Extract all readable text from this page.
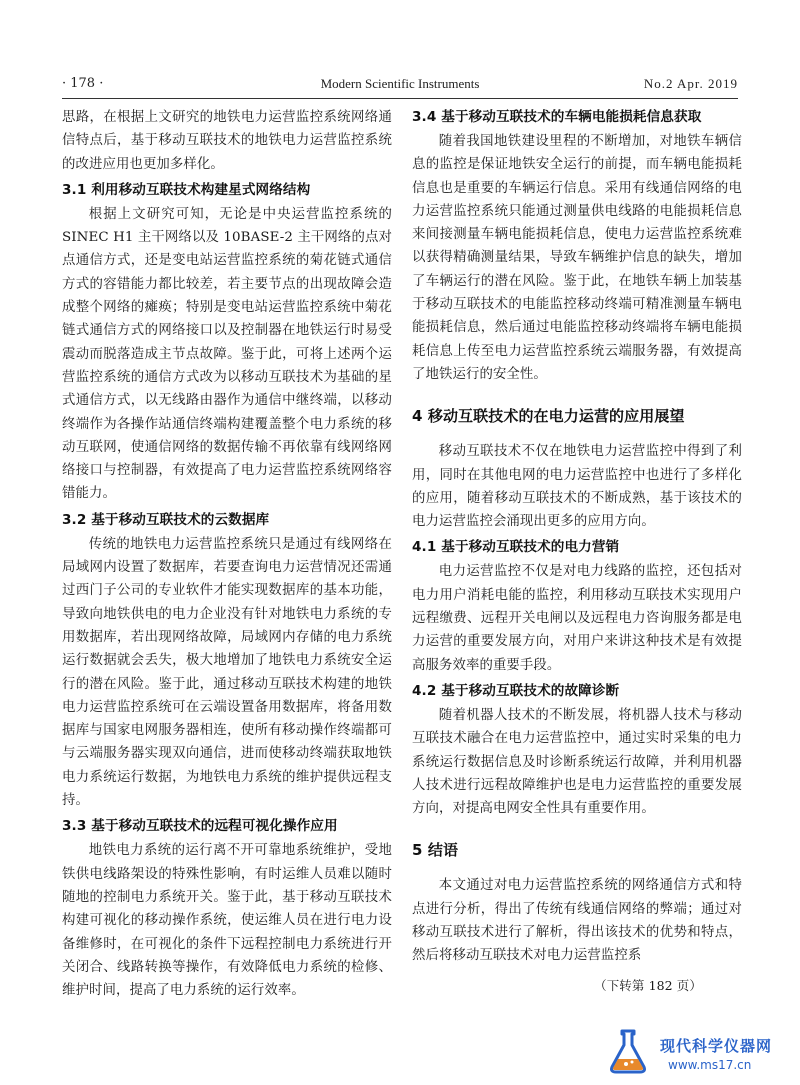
· 178 ·	Modern Scientific Instruments	No.2 Apr. 2019

思路，在根据上文研究的地铁电力运营监控系统网络通信特点后，基于移动互联技术的地铁电力运营监控系统的改进应用也更加多样化。

3.1 利用移动互联技术构建星式网络结构

根据上文研究可知，无论是中央运营监控系统的 SINEC H1 主干网络以及 10BASE-2 主干网络的点对点通信方式，还是变电站运营监控系统的菊花链式通信方式的容错能力都比较差，若主要节点的出现故障会造成整个网络的瘫痪；特别是变电站运营监控系统中菊花链式通信方式的网络接口以及控制器在地铁运行时易受震动而脱落造成主节点故障。鉴于此，可将上述两个运营监控系统的通信方式改为以移动互联技术为基础的星式通信方式，以无线路由器作为通信中继终端，以移动终端作为各操作站通信终端构建覆盖整个电力系统的移动互联网，使通信网络的数据传输不再依靠有线网络网络接口与控制器，有效提高了电力运营监控系统网络容错能力。

3.2 基于移动互联技术的云数据库

传统的地铁电力运营监控系统只是通过有线网络在局域网内设置了数据库，若要查询电力运营情况还需通过西门子公司的专业软件才能实现数据库的基本功能，导致向地铁供电的电力企业没有针对地铁电力系统的专用数据库，若出现网络故障，局域网内存储的电力系统运行数据就会丢失，极大地增加了地铁电力系统安全运行的潜在风险。鉴于此，通过移动互联技术构建的地铁电力运营监控系统可在云端设置备用数据库，将备用数据库与国家电网服务器相连，使所有移动操作终端都可与云端服务器实现双向通信，进而使移动终端获取地铁电力系统运行数据，为地铁电力系统的维护提供远程支持。

3.3 基于移动互联技术的远程可视化操作应用

地铁电力系统的运行离不开可靠地系统维护，受地铁供电线路架设的特殊性影响，有时运维人员难以随时随地的控制电力系统开关。鉴于此，基于移动互联技术构建可视化的移动操作系统，使运维人员在进行电力设备维修时，在可视化的条件下远程控制电力系统进行开关闭合、线路转换等操作，有效降低电力系统的检修、维护时间，提高了电力系统的运行效率。

3.4 基于移动互联技术的车辆电能损耗信息获取

随着我国地铁建设里程的不断增加，对地铁车辆信息的监控是保证地铁安全运行的前提，而车辆电能损耗信息也是重要的车辆运行信息。采用有线通信网络的电力运营监控系统只能通过测量供电线路的电能损耗信息来间接测量车辆电能损耗信息，使电力运营监控系统难以获得精确测量结果，导致车辆维护信息的缺失，增加了车辆运行的潜在风险。鉴于此，在地铁车辆上加装基于移动互联技术的电能监控移动终端可精准测量车辆电能损耗信息，然后通过电能监控移动终端将车辆电能损耗信息上传至电力运营监控系统云端服务器，有效提高了地铁运行的安全性。

4 移动互联技术的在电力运营的应用展望

移动互联技术不仅在地铁电力运营监控中得到了利用，同时在其他电网的电力运营监控中也进行了多样化的应用，随着移动互联技术的不断成熟，基于该技术的电力运营监控会涌现出更多的应用方向。

4.1 基于移动互联技术的电力营销

电力运营监控不仅是对电力线路的监控，还包括对电力用户消耗电能的监控，利用移动互联技术实现用户远程缴费、远程开关电闸以及远程电力咨询服务都是电力运营的重要发展方向，对用户来讲这种技术是有效提高服务效率的重要手段。

4.2 基于移动互联技术的故障诊断

随着机器人技术的不断发展，将机器人技术与移动互联技术融合在电力运营监控中，通过实时采集的电力系统运行数据信息及时诊断系统运行故障，并利用机器人技术进行远程故障维护也是电力运营监控的重要发展方向，对提高电网安全性具有重要作用。

5 结语

本文通过对电力运营监控系统的网络通信方式和特点进行分析，得出了传统有线通信网络的弊端；通过对移动互联技术进行了解析，得出该技术的优势和特点，然后将移动互联技术对电力运营监控系

（下转第 182 页）

现代科学仪器网
www.ms17.cn
